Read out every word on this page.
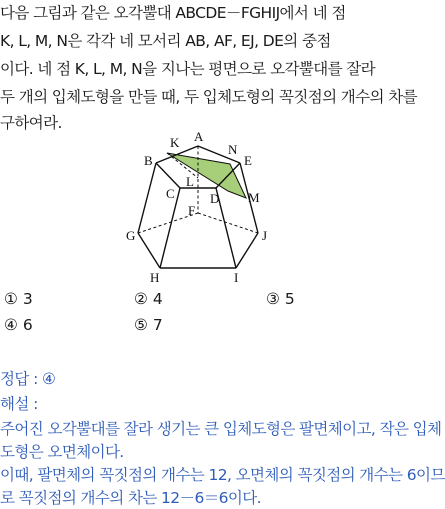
다음 그림과 같은 오각뿔대 ABCDE－FGHIJ에서 네 점
K, L, M, N은 각각 네 모서리 AB, AF, EJ, DE의 중점
이다. 네 점 K, L, M, N을 지나는 평면으로 오각뿔대를 잘라
두 개의 입체도형을 만들 때, 두 입체도형의 꼭짓점의 개수의 차를
구하여라.
A
K	N
B	E
L
C	D M
F
G	J
H	I
① 3	② 4	③ 5
④ 6	⑤ 7
정답 : ④
해설 :
주어진 오각뿔대를 잘라 생기는 큰 입체도형은 팔면체이고, 작은 입체
도형은 오면체이다.
이때, 팔면체의 꼭짓점의 개수는 12, 오면체의 꼭짓점의 개수는 6이므
로 꼭짓점의 개수의 차는 12－6＝6이다.
